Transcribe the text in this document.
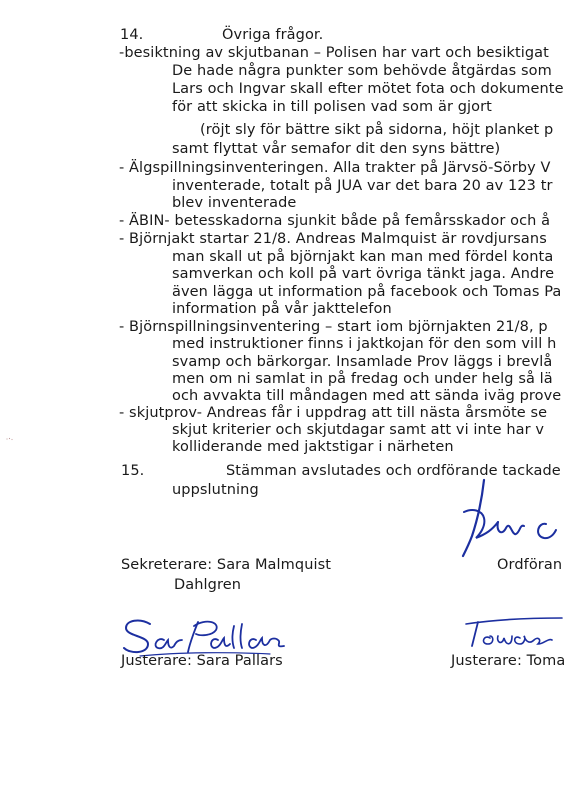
14.	Övriga frågor.
-besiktning av skjutbanan – Polisen har vart och besiktigat
De hade några punkter som behövde åtgärdas som
Lars och Ingvar skall efter mötet fota och dokumente
för att skicka in till polisen vad som är gjort
(röjt sly för bättre sikt på sidorna, höjt planket p
samt flyttat vår semafor dit den syns bättre)
- Älgspillningsinventeringen. Alla trakter på Järvsö-Sörby V
inventerade, totalt på JUA var det bara 20 av 123 tr
blev inventerade
- ÄBIN- betesskadorna sjunkit både på femårsskador och å
- Björnjakt startar 21/8. Andreas Malmquist är rovdjursans
man skall ut på björnjakt kan man med fördel konta
samverkan och koll på vart övriga tänkt jaga. Andre
även lägga ut information på facebook och Tomas Pa
information på vår jakttelefon
- Björnspillningsinventering – start iom björnjakten 21/8, p
med instruktioner finns i jaktkojan för den som vill h
svamp och bärkorgar. Insamlade Prov läggs i brevlå
men om ni samlat in på fredag och under helg så lä
och avvakta till måndagen med att sända iväg prove
- skjutprov- Andreas får i uppdrag att till nästa årsmöte se
skjut kriterier och skjutdagar samt att vi inte har v
kolliderande med jaktstigar i närheten
15.	Stämman avslutades och ordförande tackade
uppslutning
Sekreterare: Sara Malmquist
Dahlgren
Ordföran
Justerare: Sara Pallars	Justerare: Toma
